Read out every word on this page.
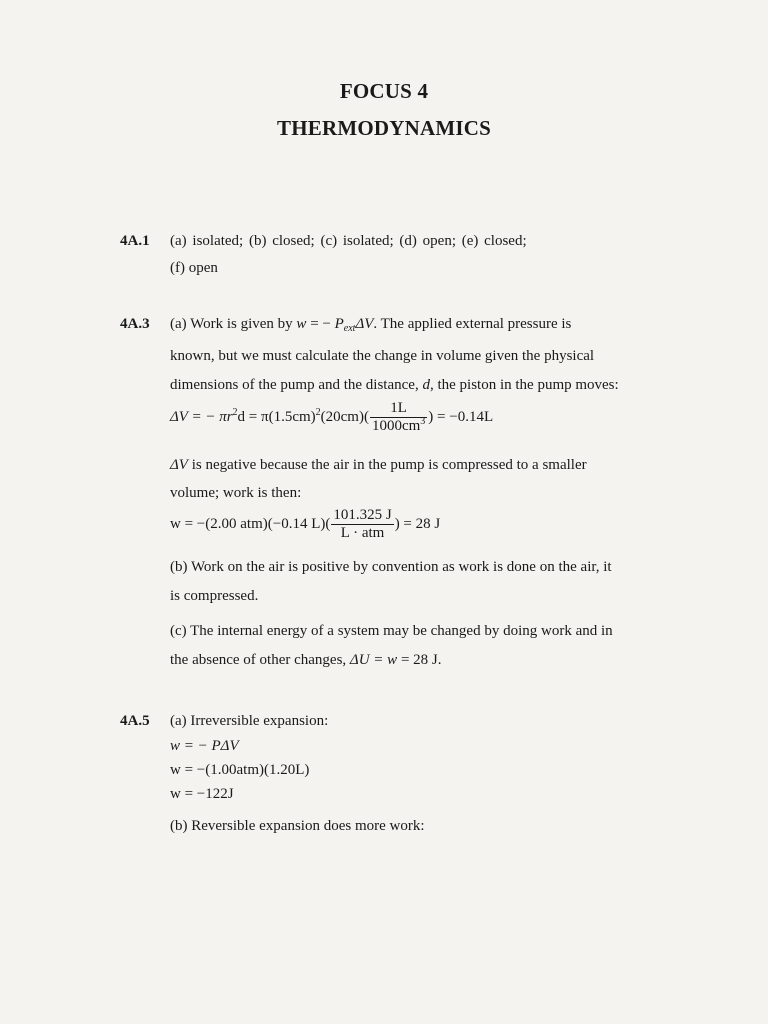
FOCUS 4
THERMODYNAMICS
4A.1 (a) isolated; (b) closed; (c) isolated; (d) open; (e) closed;
(f) open
4A.3 (a) Work is given by w = − $P_{ext}\Delta V$. The applied external pressure is
known, but we must calculate the change in volume given the physical
dimensions of the pump and the distance, d, the piston in the pump moves:
ΔV = − $\pi r^2d = \pi(1.5cm)^2(20cm)( \frac{1L}{1000cm^3}$ ) = −0.14L
ΔV is negative because the air in the pump is compressed to a smaller
volume; work is then:
w = −(2.00 atm)(−0.14 $L)( \frac{101.325 J}{\text{L · atm}}$ ) = 28 J
(b) Work on the air is positive by convention as work is done on the air, it
is compressed.
(c) The internal energy of a system may be changed by doing work and in
the absence of other changes, ΔU = w = 28 J.
4A.5 (a) Irreversible expansion:
w = − PΔV
w = −(1.00atm)(1.20L)
w = −122J
(b) Reversible expansion does more work:
